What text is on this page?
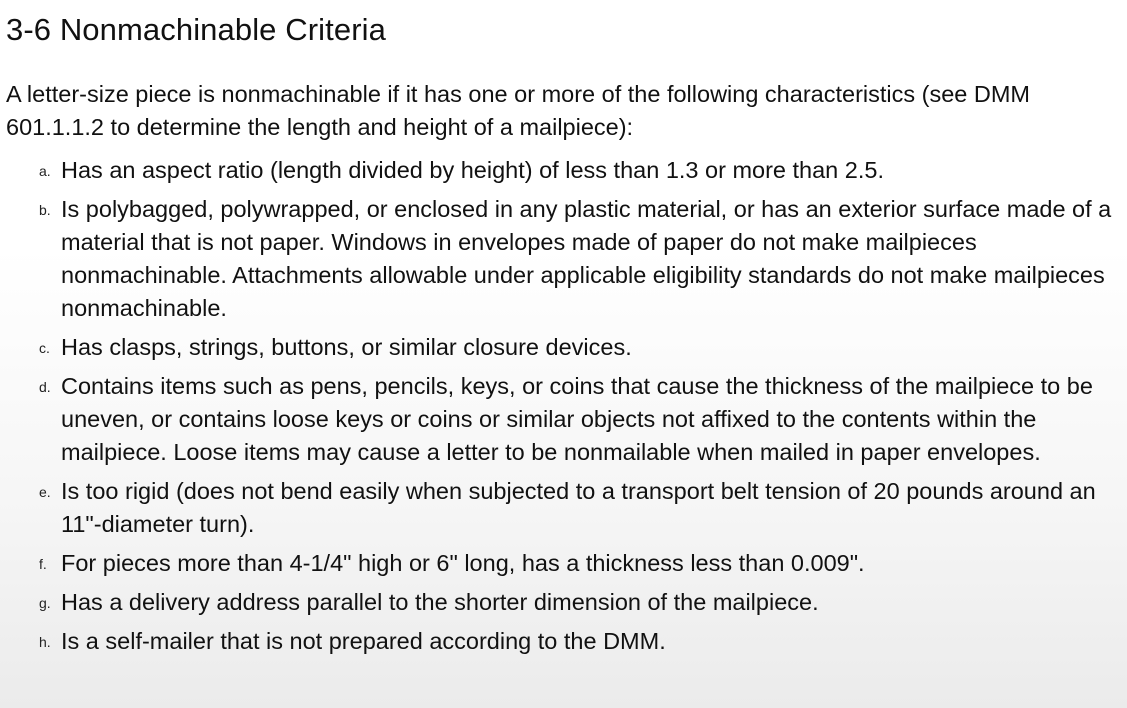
3-6 Nonmachinable Criteria

A letter-size piece is nonmachinable if it has one or more of the following characteristics (see DMM 601.1.1.2 to determine the length and height of a mailpiece):

a. Has an aspect ratio (length divided by height) of less than 1.3 or more than 2.5.
b. Is polybagged, polywrapped, or enclosed in any plastic material, or has an exterior surface made of a material that is not paper. Windows in envelopes made of paper do not make mailpieces nonmachinable. Attachments allowable under applicable eligibility standards do not make mailpieces nonmachinable.
c. Has clasps, strings, buttons, or similar closure devices.
d. Contains items such as pens, pencils, keys, or coins that cause the thickness of the mailpiece to be uneven, or contains loose keys or coins or similar objects not affixed to the contents within the mailpiece. Loose items may cause a letter to be nonmailable when mailed in paper envelopes.
e. Is too rigid (does not bend easily when subjected to a transport belt tension of 20 pounds around an 11"-diameter turn).
f. For pieces more than 4-1/4" high or 6" long, has a thickness less than 0.009".
g. Has a delivery address parallel to the shorter dimension of the mailpiece.
h. Is a self-mailer that is not prepared according to the DMM.
